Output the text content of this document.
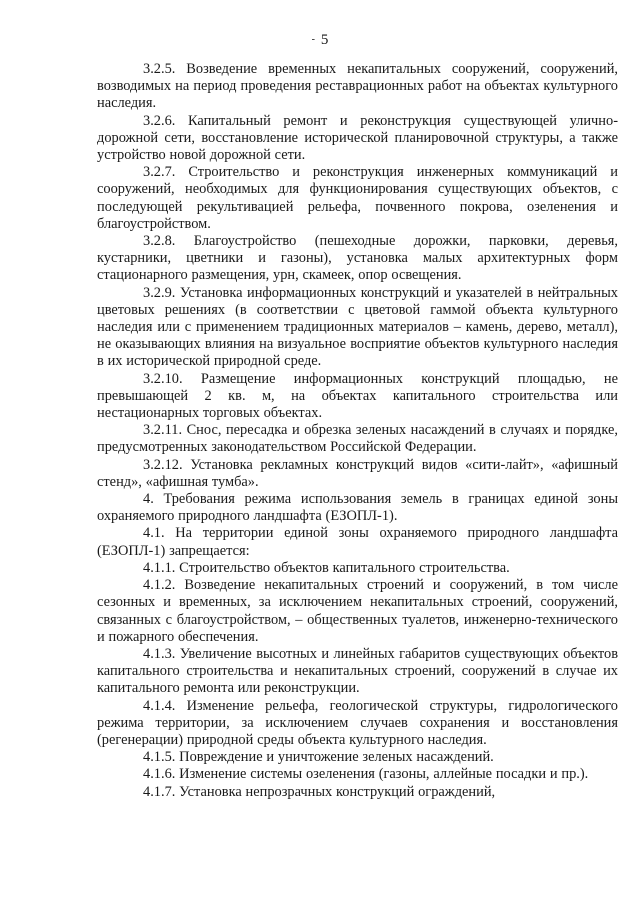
- 5

3.2.5. Возведение временных некапитальных сооружений, сооружений, возводимых на период проведения реставрационных работ на объектах культурного наследия.

3.2.6. Капитальный ремонт и реконструкция существующей улично-дорожной сети, восстановление исторической планировочной структуры, а также устройство новой дорожной сети.

3.2.7. Строительство и реконструкция инженерных коммуникаций и сооружений, необходимых для функционирования существующих объектов, с последующей рекультивацией рельефа, почвенного покрова, озеленения и благоустройством.

3.2.8. Благоустройство (пешеходные дорожки, парковки, деревья, кустарники, цветники и газоны), установка малых архитектурных форм стационарного размещения, урн, скамеек, опор освещения.

3.2.9. Установка информационных конструкций и указателей в нейтральных цветовых решениях (в соответствии с цветовой гаммой объекта культурного наследия или с применением традиционных материалов – камень, дерево, металл), не оказывающих влияния на визуальное восприятие объектов культурного наследия в их исторической природной среде.

3.2.10. Размещение информационных конструкций площадью, не превышающей 2 кв. м, на объектах капитального строительства или нестационарных торговых объектах.

3.2.11. Снос, пересадка и обрезка зеленых насаждений в случаях и порядке, предусмотренных законодательством Российской Федерации.

3.2.12. Установка рекламных конструкций видов «сити-лайт», «афишный стенд», «афишная тумба».

4. Требования режима использования земель в границах единой зоны охраняемого природного ландшафта (ЕЗОПЛ-1).

4.1. На территории единой зоны охраняемого природного ландшафта (ЕЗОПЛ-1) запрещается:

4.1.1. Строительство объектов капитального строительства.

4.1.2. Возведение некапитальных строений и сооружений, в том числе сезонных и временных, за исключением некапитальных строений, сооружений, связанных с благоустройством, – общественных туалетов, инженерно-технического и пожарного обеспечения.

4.1.3. Увеличение высотных и линейных габаритов существующих объектов капитального строительства и некапитальных строений, сооружений в случае их капитального ремонта или реконструкции.

4.1.4. Изменение рельефа, геологической структуры, гидрологического режима территории, за исключением случаев сохранения и восстановления (регенерации) природной среды объекта культурного наследия.

4.1.5. Повреждение и уничтожение зеленых насаждений.

4.1.6. Изменение системы озеленения (газоны, аллейные посадки и пр.).

4.1.7. Установка непрозрачных конструкций ограждений,
